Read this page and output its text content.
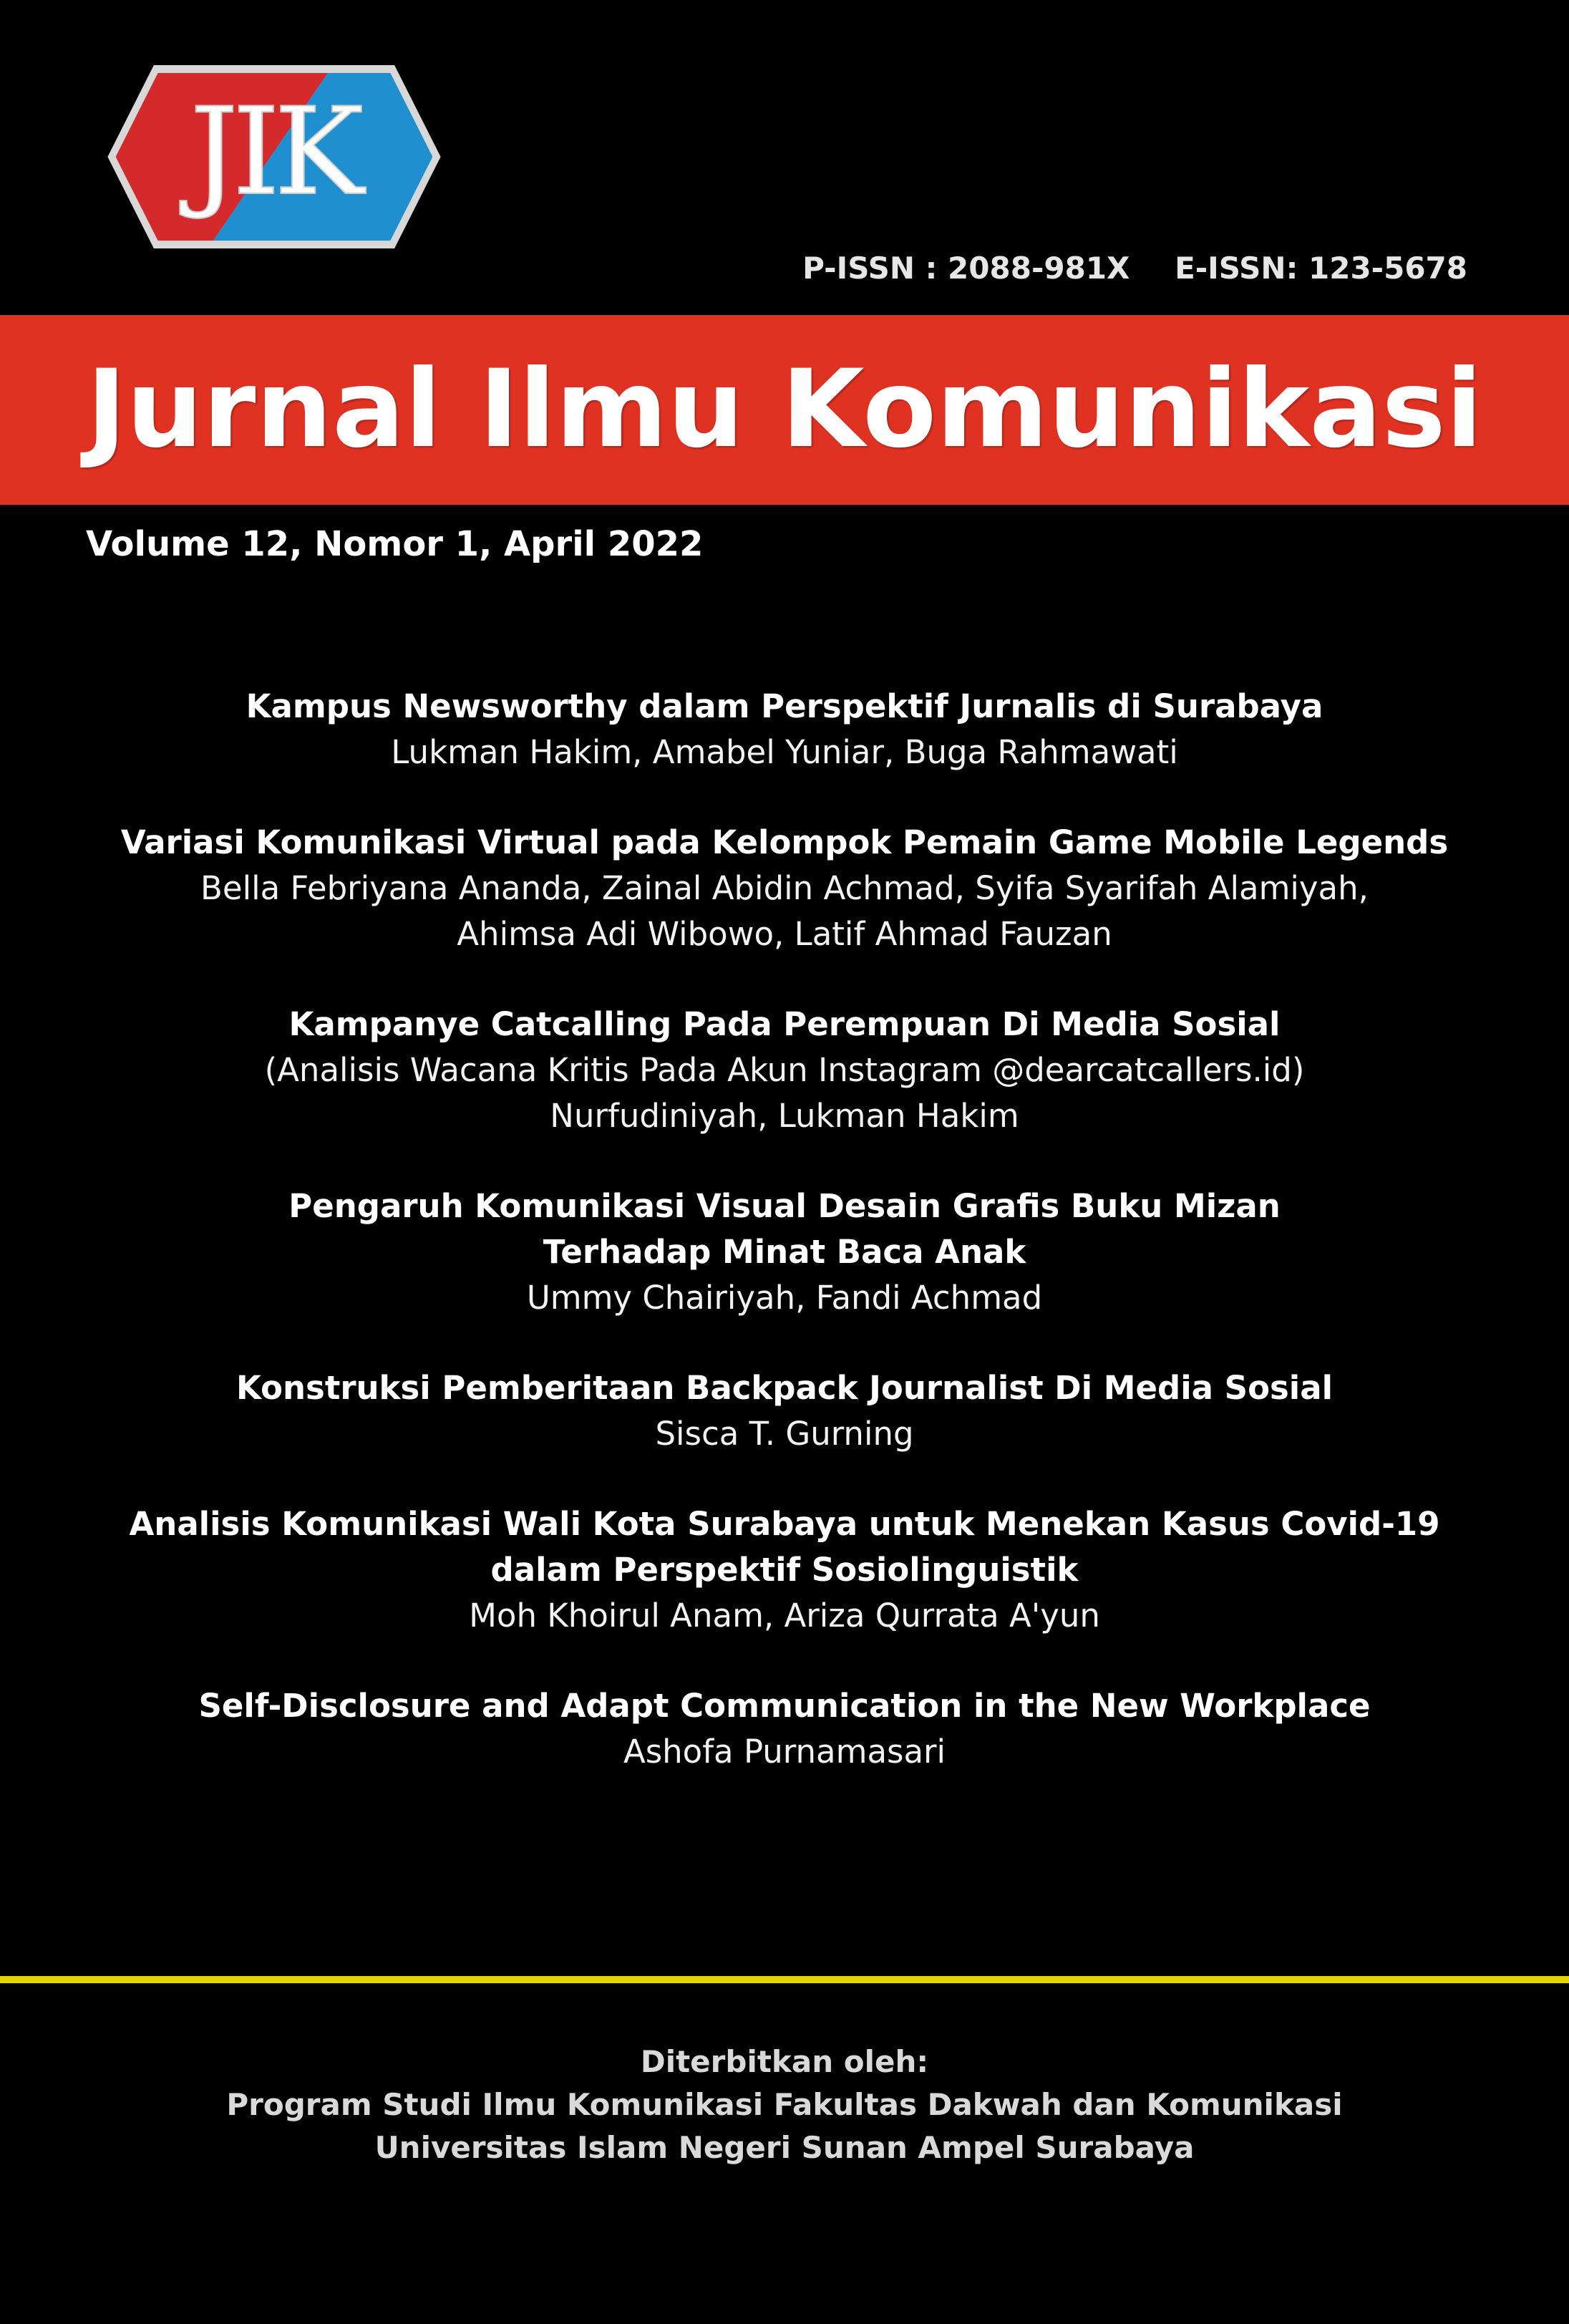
JIK
P-ISSN : 2088-981X E-ISSN: 123-5678
Jurnal Ilmu Komunikasi
Volume 12, Nomor 1, April 2022
Kampus Newsworthy dalam Perspektif Jurnalis di Surabaya
Lukman Hakim, Amabel Yuniar, Buga Rahmawati
Variasi Komunikasi Virtual pada Kelompok Pemain Game Mobile Legends
Bella Febriyana Ananda, Zainal Abidin Achmad, Syifa Syarifah Alamiyah,
Ahimsa Adi Wibowo, Latif Ahmad Fauzan
Kampanye Catcalling Pada Perempuan Di Media Sosial
(Analisis Wacana Kritis Pada Akun Instagram @dearcatcallers.id)
Nurfudiniyah, Lukman Hakim
Pengaruh Komunikasi Visual Desain Grafis Buku Mizan
Terhadap Minat Baca Anak
Ummy Chairiyah, Fandi Achmad
Konstruksi Pemberitaan Backpack Journalist Di Media Sosial
Sisca T. Gurning
Analisis Komunikasi Wali Kota Surabaya untuk Menekan Kasus Covid-19
dalam Perspektif Sosiolinguistik
Moh Khoirul Anam, Ariza Qurrata A'yun
Self-Disclosure and Adapt Communication in the New Workplace
Ashofa Purnamasari
Diterbitkan oleh:
Program Studi Ilmu Komunikasi Fakultas Dakwah dan Komunikasi
Universitas Islam Negeri Sunan Ampel Surabaya
